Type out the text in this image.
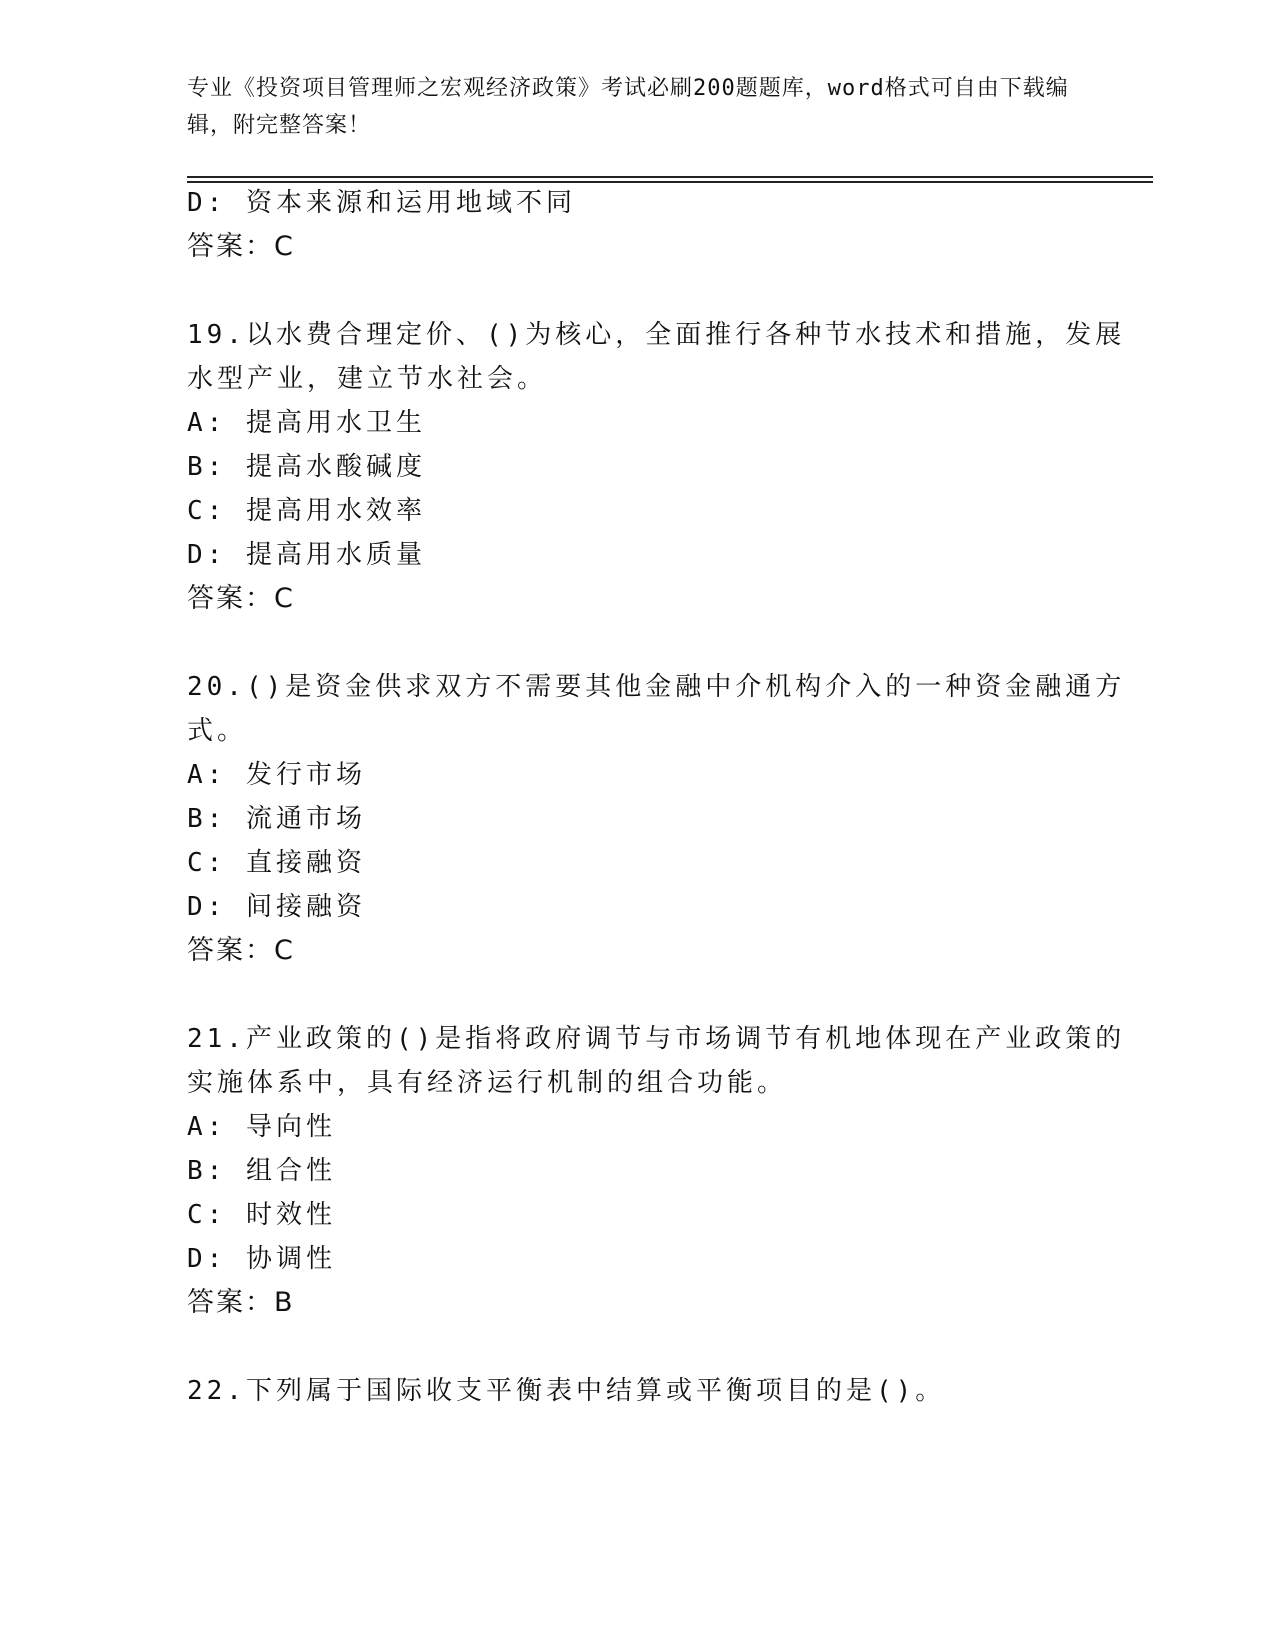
专业《投资项目管理师之宏观经济政策》考试必刷200题题库，word格式可自由下载编辑，附完整答案！
D: 资本来源和运用地域不同
答案：C
19.以水费合理定价、()为核心，全面推行各种节水技术和措施，发展
水型产业，建立节水社会。
A: 提高用水卫生
B: 提高水酸碱度
C: 提高用水效率
D: 提高用水质量
答案：C
20.()是资金供求双方不需要其他金融中介机构介入的一种资金融通方
式。
A: 发行市场
B: 流通市场
C: 直接融资
D: 间接融资
答案：C
21.产业政策的()是指将政府调节与市场调节有机地体现在产业政策的
实施体系中，具有经济运行机制的组合功能。
A: 导向性
B: 组合性
C: 时效性
D: 协调性
答案：B
22.下列属于国际收支平衡表中结算或平衡项目的是()。
